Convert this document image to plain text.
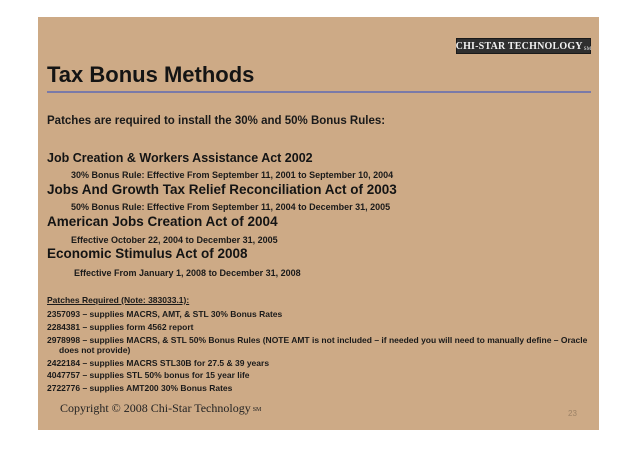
CHI-STAR TECHNOLOGYSM
Tax Bonus Methods
Patches are required to install the 30% and 50% Bonus Rules:
Job Creation & Workers Assistance Act 2002
30% Bonus Rule: Effective From September 11, 2001 to September 10, 2004
Jobs And Growth Tax Relief Reconciliation Act of 2003
50% Bonus Rule: Effective From September 11, 2004 to December 31, 2005
American Jobs Creation Act of 2004
Effective October 22, 2004 to December 31, 2005
Economic Stimulus Act of 2008
Effective From January 1, 2008 to December 31, 2008
Patches Required (Note: 383033.1):
2357093 – supplies MACRS, AMT, & STL 30% Bonus Rates
2284381 – supplies form 4562 report
2978998 – supplies MACRS, & STL 50% Bonus Rules (NOTE AMT is not included – if needed you will need to manually define – Oracle
does not provide)
2422184 – supplies MACRS STL30B for 27.5 & 39 years
4047757 – supplies STL 50% bonus for 15 year life
2722776 – supplies AMT200 30% Bonus Rates
Copyright © 2008 Chi-Star Technology SM	23
